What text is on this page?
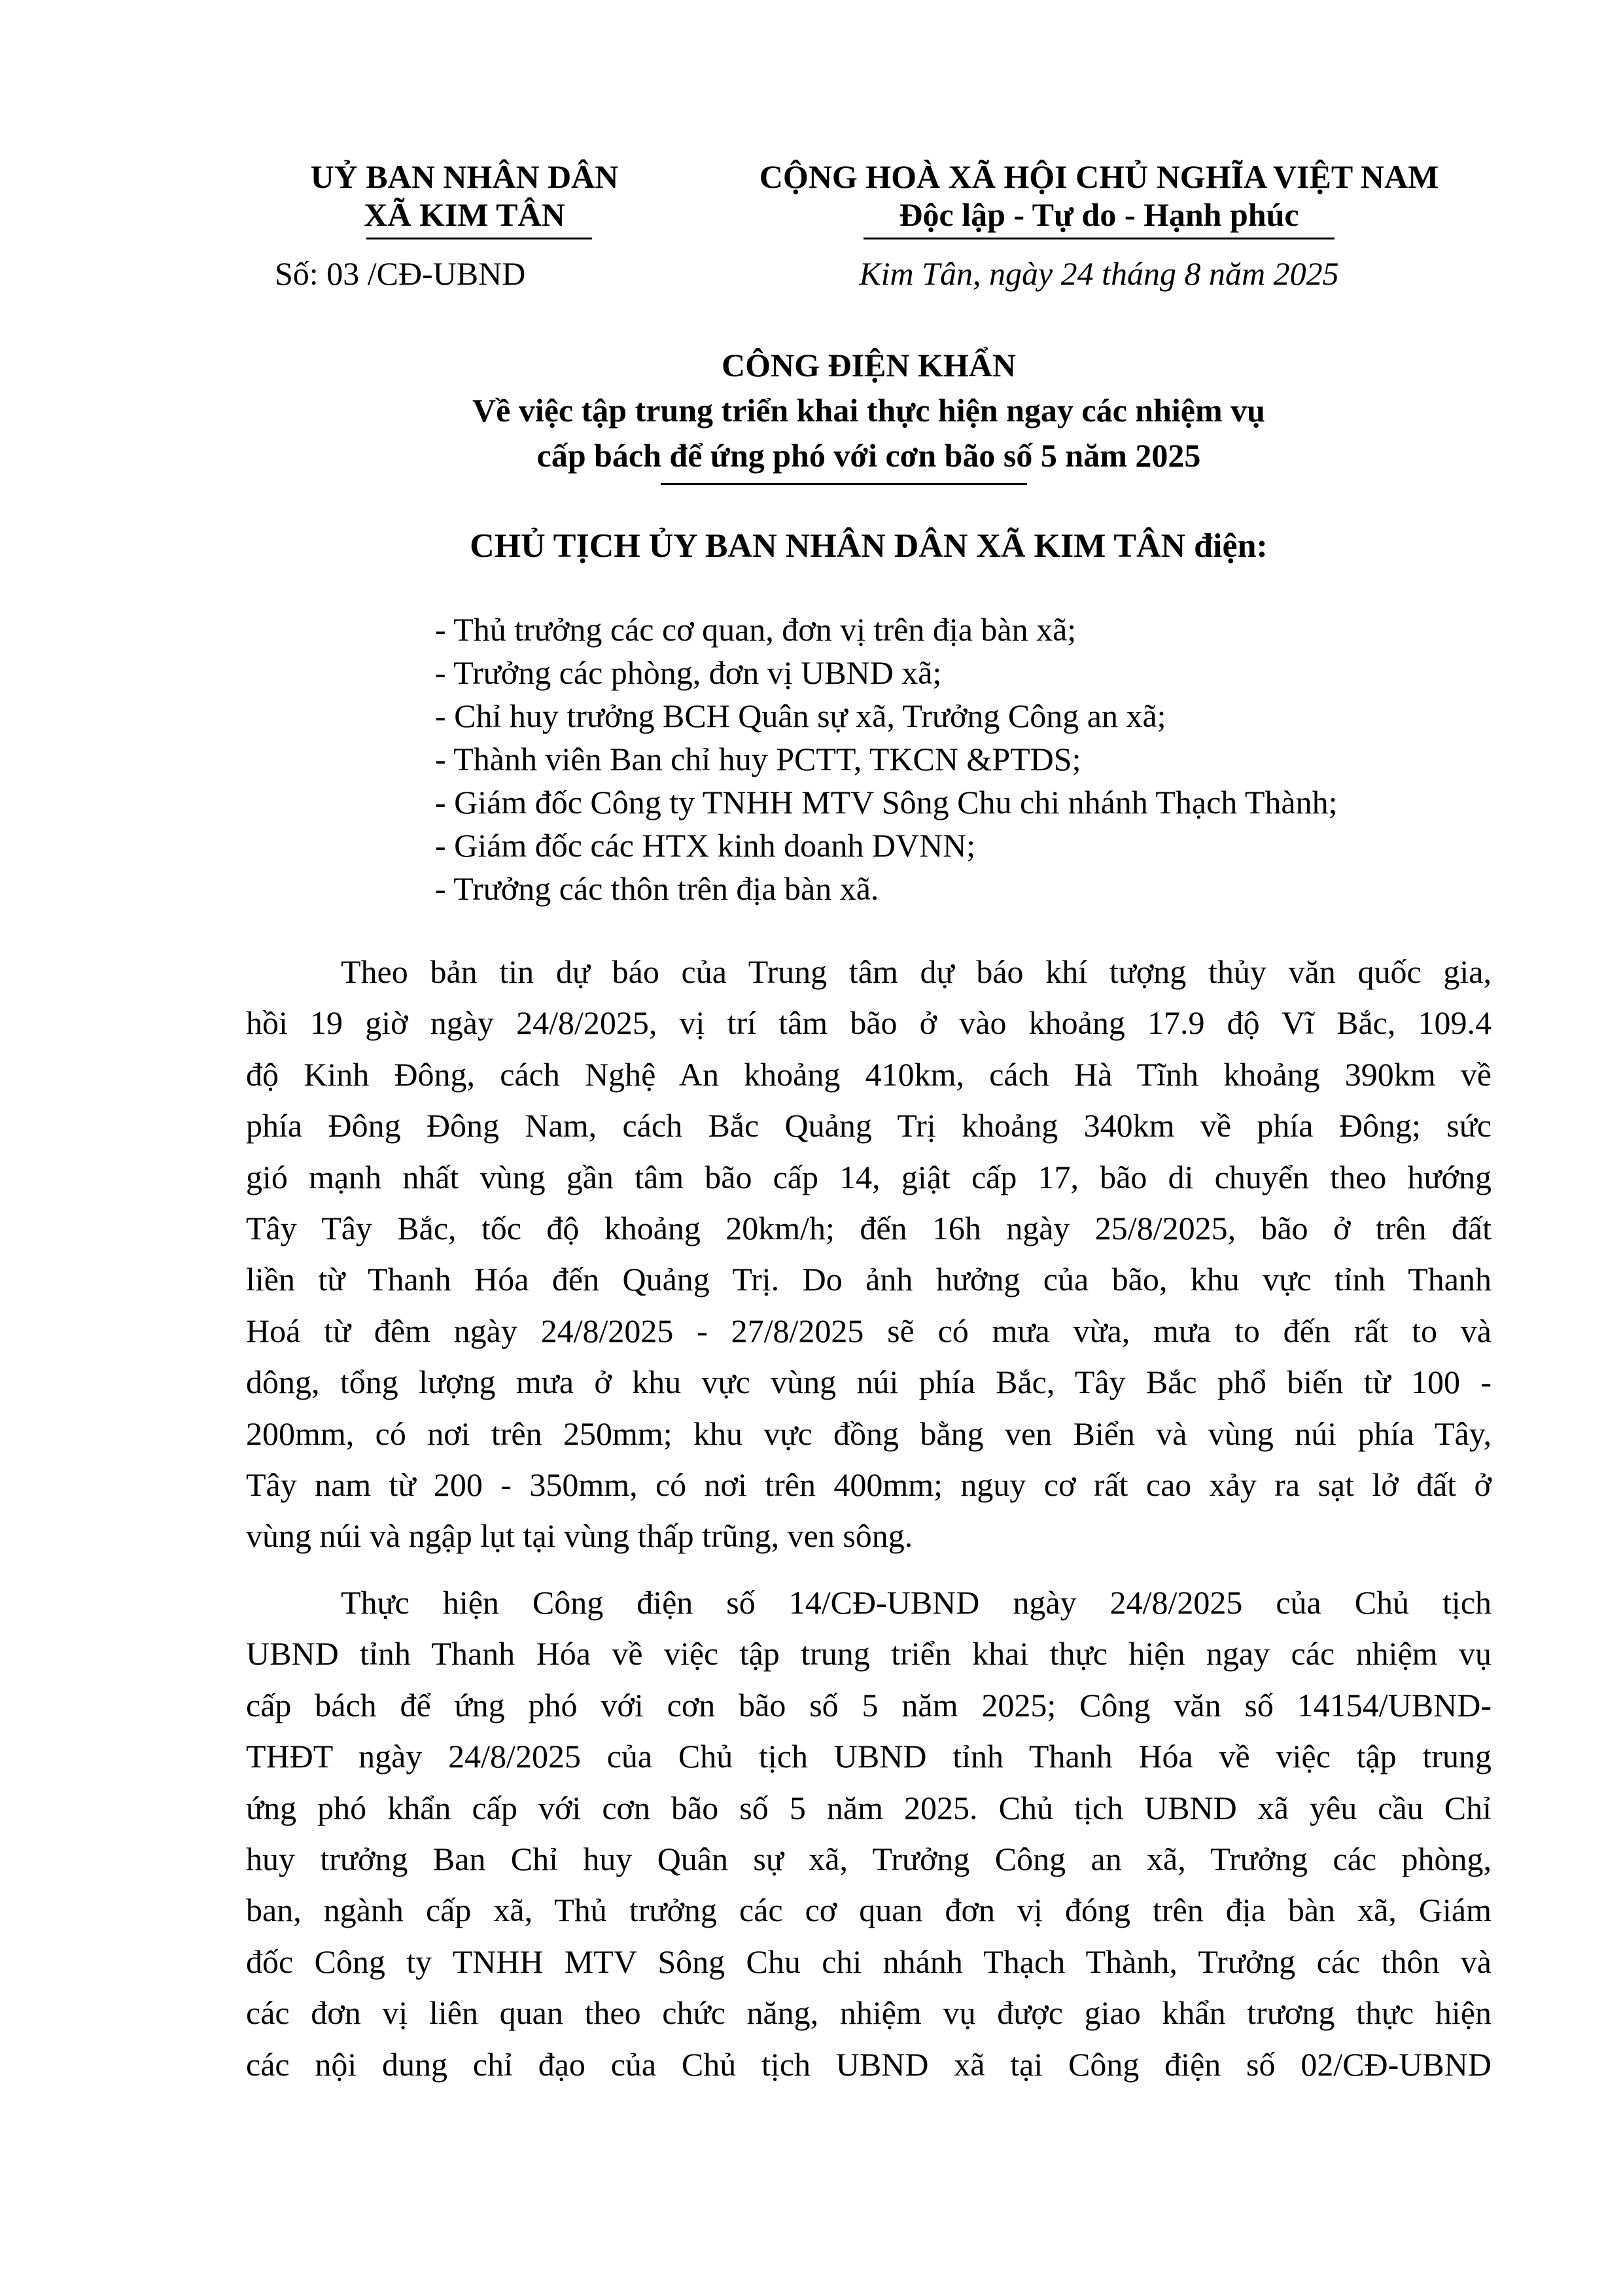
UỶ BAN NHÂN DÂN
XÃ KIM TÂN
Số: 03 /CĐ-UBND
CỘNG HOÀ XÃ HỘI CHỦ NGHĨA VIỆT NAM
Độc lập - Tự do - Hạnh phúc
Kim Tân, ngày 24 tháng 8 năm 2025
CÔNG ĐIỆN KHẨN
Về việc tập trung triển khai thực hiện ngay các nhiệm vụ
cấp bách để ứng phó với cơn bão số 5 năm 2025
CHỦ TỊCH ỦY BAN NHÂN DÂN XÃ KIM TÂN điện:
- Thủ trưởng các cơ quan, đơn vị trên địa bàn xã;
- Trưởng các phòng, đơn vị UBND xã;
- Chỉ huy trưởng BCH Quân sự xã, Trưởng Công an xã;
- Thành viên Ban chỉ huy PCTT, TKCN &PTDS;
- Giám đốc Công ty TNHH MTV Sông Chu chi nhánh Thạch Thành;
- Giám đốc các HTX kinh doanh DVNN;
- Trưởng các thôn trên địa bàn xã.
Theo bản tin dự báo của Trung tâm dự báo khí tượng thủy văn quốc gia,
hồi 19 giờ ngày 24/8/2025, vị trí tâm bão ở vào khoảng 17.9 độ Vĩ Bắc, 109.4
độ Kinh Đông, cách Nghệ An khoảng 410km, cách Hà Tĩnh khoảng 390km về
phía Đông Đông Nam, cách Bắc Quảng Trị khoảng 340km về phía Đông; sức
gió mạnh nhất vùng gần tâm bão cấp 14, giật cấp 17, bão di chuyển theo hướng
Tây Tây Bắc, tốc độ khoảng 20km/h; đến 16h ngày 25/8/2025, bão ở trên đất
liền từ Thanh Hóa đến Quảng Trị. Do ảnh hưởng của bão, khu vực tỉnh Thanh
Hoá từ đêm ngày 24/8/2025 - 27/8/2025 sẽ có mưa vừa, mưa to đến rất to và
dông, tổng lượng mưa ở khu vực vùng núi phía Bắc, Tây Bắc phổ biến từ 100 -
200mm, có nơi trên 250mm; khu vực đồng bằng ven Biển và vùng núi phía Tây,
Tây nam từ 200 - 350mm, có nơi trên 400mm; nguy cơ rất cao xảy ra sạt lở đất ở
vùng núi và ngập lụt tại vùng thấp trũng, ven sông.
Thực hiện Công điện số 14/CĐ-UBND ngày 24/8/2025 của Chủ tịch
UBND tỉnh Thanh Hóa về việc tập trung triển khai thực hiện ngay các nhiệm vụ
cấp bách để ứng phó với cơn bão số 5 năm 2025; Công văn số 14154/UBND-
THĐT ngày 24/8/2025 của Chủ tịch UBND tỉnh Thanh Hóa về việc tập trung
ứng phó khẩn cấp với cơn bão số 5 năm 2025. Chủ tịch UBND xã yêu cầu Chỉ
huy trưởng Ban Chỉ huy Quân sự xã, Trưởng Công an xã, Trưởng các phòng,
ban, ngành cấp xã, Thủ trưởng các cơ quan đơn vị đóng trên địa bàn xã, Giám
đốc Công ty TNHH MTV Sông Chu chi nhánh Thạch Thành, Trưởng các thôn và
các đơn vị liên quan theo chức năng, nhiệm vụ được giao khẩn trương thực hiện
các nội dung chỉ đạo của Chủ tịch UBND xã tại Công điện số 02/CĐ-UBND
